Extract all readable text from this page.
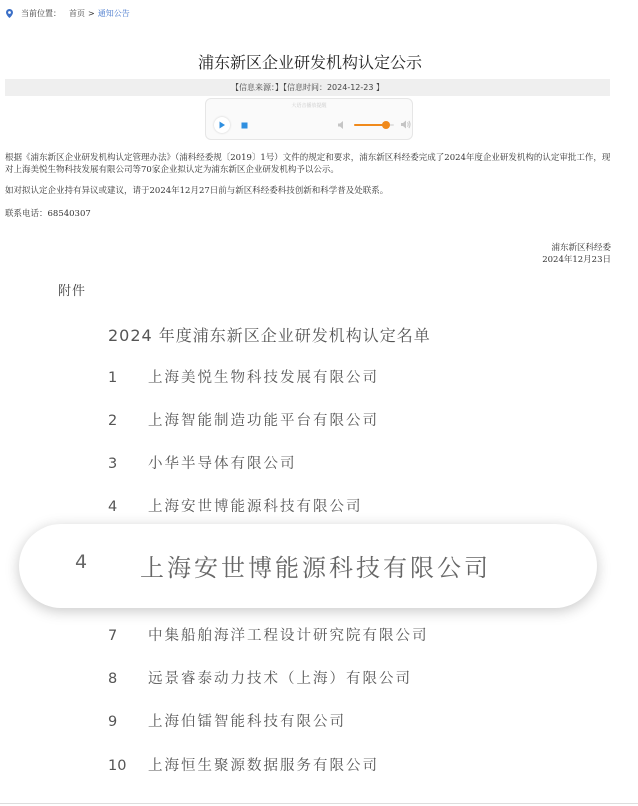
当前位置： 首页 > 通知公告
浦东新区企业研发机构认定公示
【信息来源：】【信息时间：2024-12-23 】
大语音播放提醒
根据《浦东新区企业研发机构认定管理办法》（浦科经委规〔2019〕1号）文件的规定和要求，浦东新区科经委完成了2024年度企业研发机构的认定审批工作，现对上海美悦生物科技发展有限公司等70家企业拟认定为浦东新区企业研发机构予以公示。
如对拟认定企业持有异议或建议，请于2024年12月27日前与新区科经委科技创新和科学普及处联系。
联系电话：68540307
浦东新区科经委
2024年12月23日
附件
2024 年度浦东新区企业研发机构认定名单
1 上海美悦生物科技发展有限公司
2 上海智能制造功能平台有限公司
3 小华半导体有限公司
4 上海安世博能源科技有限公司
4 上海安世博能源科技有限公司
7 中集船舶海洋工程设计研究院有限公司
8 远景睿泰动力技术（上海）有限公司
9 上海伯镭智能科技有限公司
10 上海恒生聚源数据服务有限公司
